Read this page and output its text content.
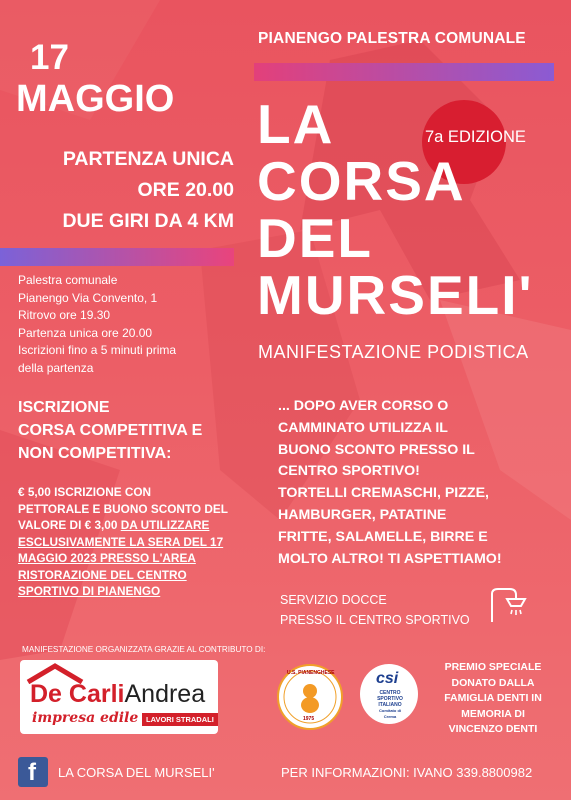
PIANENGO PALESTRA COMUNALE
17
MAGGIO
PARTENZA UNICA
ORE 20.00
DUE GIRI DA 4 KM
7a EDIZIONE
LA
CORSA
DEL
MURSELI'
MANIFESTAZIONE PODISTICA
Palestra comunale
Pianengo Via Convento, 1
Ritrovo ore 19.30
Partenza unica ore 20.00
Iscrizioni fino a 5 minuti prima
della partenza
ISCRIZIONE
CORSA COMPETITIVA E
NON COMPETITIVA:
€ 5,00 ISCRIZIONE CON
PETTORALE E BUONO SCONTO DEL
VALORE DI € 3,00 DA UTILIZZARE
ESCLUSIVAMENTE LA SERA DEL 17
MAGGIO 2023 PRESSO L'AREA
RISTORAZIONE DEL CENTRO
SPORTIVO DI PIANENGO
... DOPO AVER CORSO O
CAMMINATO UTILIZZA IL
BUONO SCONTO PRESSO IL
CENTRO SPORTIVO!
TORTELLI CREMASCHI, PIZZE,
HAMBURGER, PATATINE
FRITTE, SALAMELLE, BIRRE E
MOLTO ALTRO! TI ASPETTIAMO!
SERVIZIO DOCCE
PRESSO IL CENTRO SPORTIVO
MANIFESTAZIONE ORGANIZZATA GRAZIE AL CONTRIBUTO DI:
De CarliAndrea
impresa edile	LAVORI STRADALI
U.S. PIANENGHESE
1975
csi
CENTRO
SPORTIVO
ITALIANO
Comitato di Crema
PREMIO SPECIALE
DONATO DALLA
FAMIGLIA DENTI IN
MEMORIA DI
VINCENZO DENTI
f LA CORSA DEL MURSELI'	PER INFORMAZIONI: IVANO 339.8800982
